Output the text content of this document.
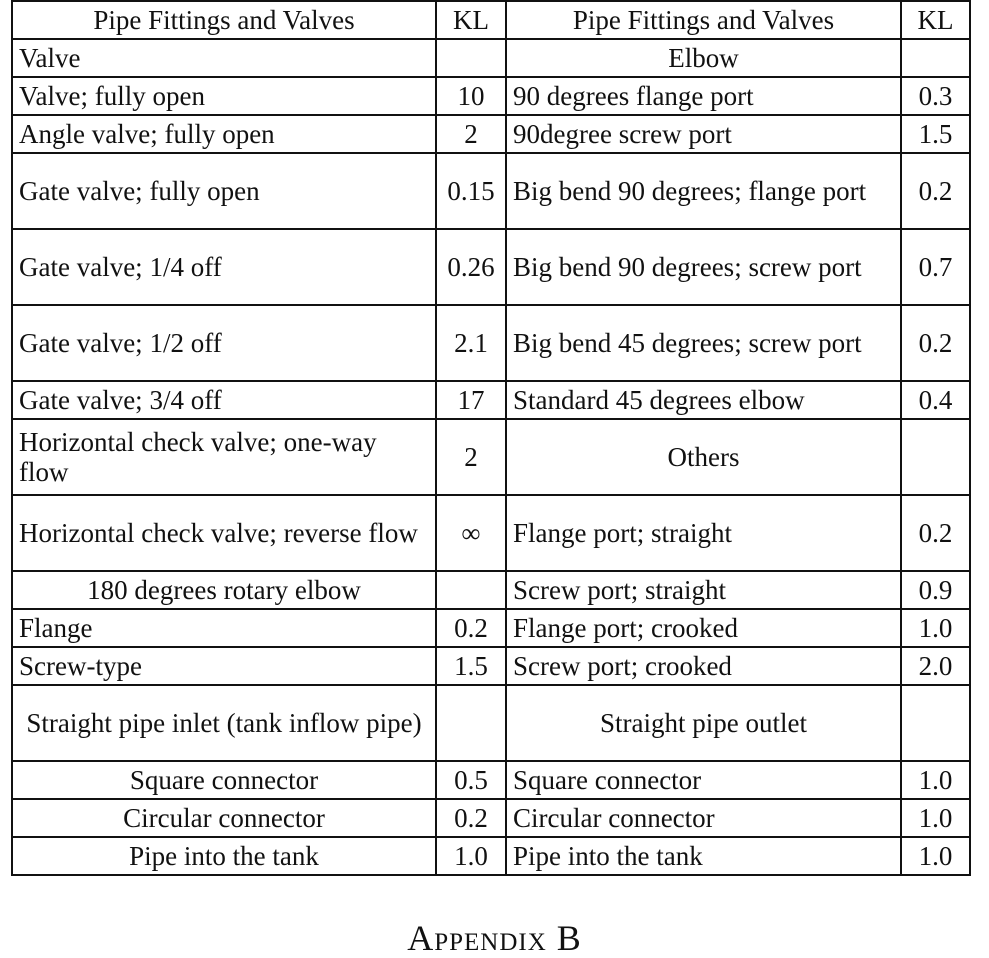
Pipe Fittings and Valves	KL	Pipe Fittings and Valves	KL
Valve		Elbow	
Valve; fully open	10	90 degrees flange port	0.3
Angle valve; fully open	2	90degree screw port	1.5
Gate valve; fully open	0.15	Big bend 90 degrees; flange port	0.2
Gate valve; 1/4 off	0.26	Big bend 90 degrees; screw port	0.7
Gate valve; 1/2 off	2.1	Big bend 45 degrees; screw port	0.2
Gate valve; 3/4 off	17	Standard 45 degrees elbow	0.4
Horizontal check valve; one-way flow	2	Others	
Horizontal check valve; reverse flow	∞	Flange port; straight	0.2
180 degrees rotary elbow		Screw port; straight	0.9
Flange	0.2	Flange port; crooked	1.0
Screw-type	1.5	Screw port; crooked	2.0
Straight pipe inlet (tank inflow pipe)		Straight pipe outlet	
Square connector	0.5	Square connector	1.0
Circular connector	0.2	Circular connector	1.0
Pipe into the tank	1.0	Pipe into the tank	1.0
Appendix B
